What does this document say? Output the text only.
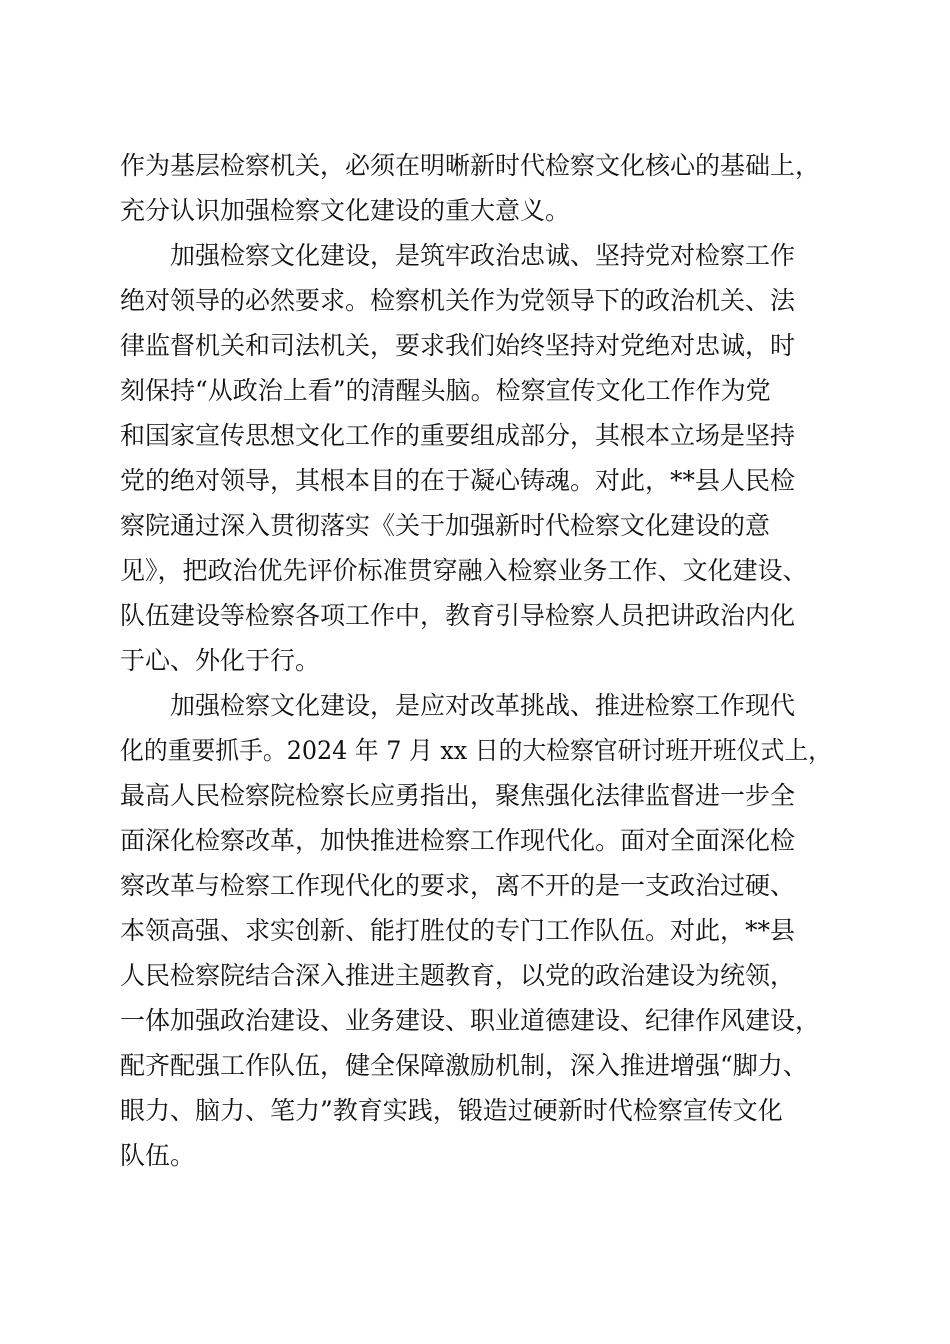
作为基层检察机关，必须在明晰新时代检察文化核心的基础上，
充分认识加强检察文化建设的重大意义。
加强检察文化建设，是筑牢政治忠诚、坚持党对检察工作
绝对领导的必然要求。检察机关作为党领导下的政治机关、法
律监督机关和司法机关，要求我们始终坚持对党绝对忠诚，时
刻保持“从政治上看”的清醒头脑。检察宣传文化工作作为党
和国家宣传思想文化工作的重要组成部分，其根本立场是坚持
党的绝对领导，其根本目的在于凝心铸魂。对此，**县人民检
察院通过深入贯彻落实《关于加强新时代检察文化建设的意
见》，把政治优先评价标准贯穿融入检察业务工作、文化建设、
队伍建设等检察各项工作中，教育引导检察人员把讲政治内化
于心、外化于行。
加强检察文化建设，是应对改革挑战、推进检察工作现代
化的重要抓手。2024 年 7 月 xx 日的大检察官研讨班开班仪式上，
最高人民检察院检察长应勇指出，聚焦强化法律监督进一步全
面深化检察改革，加快推进检察工作现代化。面对全面深化检
察改革与检察工作现代化的要求，离不开的是一支政治过硬、
本领高强、求实创新、能打胜仗的专门工作队伍。对此，**县
人民检察院结合深入推进主题教育，以党的政治建设为统领，
一体加强政治建设、业务建设、职业道德建设、纪律作风建设，
配齐配强工作队伍，健全保障激励机制，深入推进增强“脚力、
眼力、脑力、笔力”教育实践，锻造过硬新时代检察宣传文化
队伍。
